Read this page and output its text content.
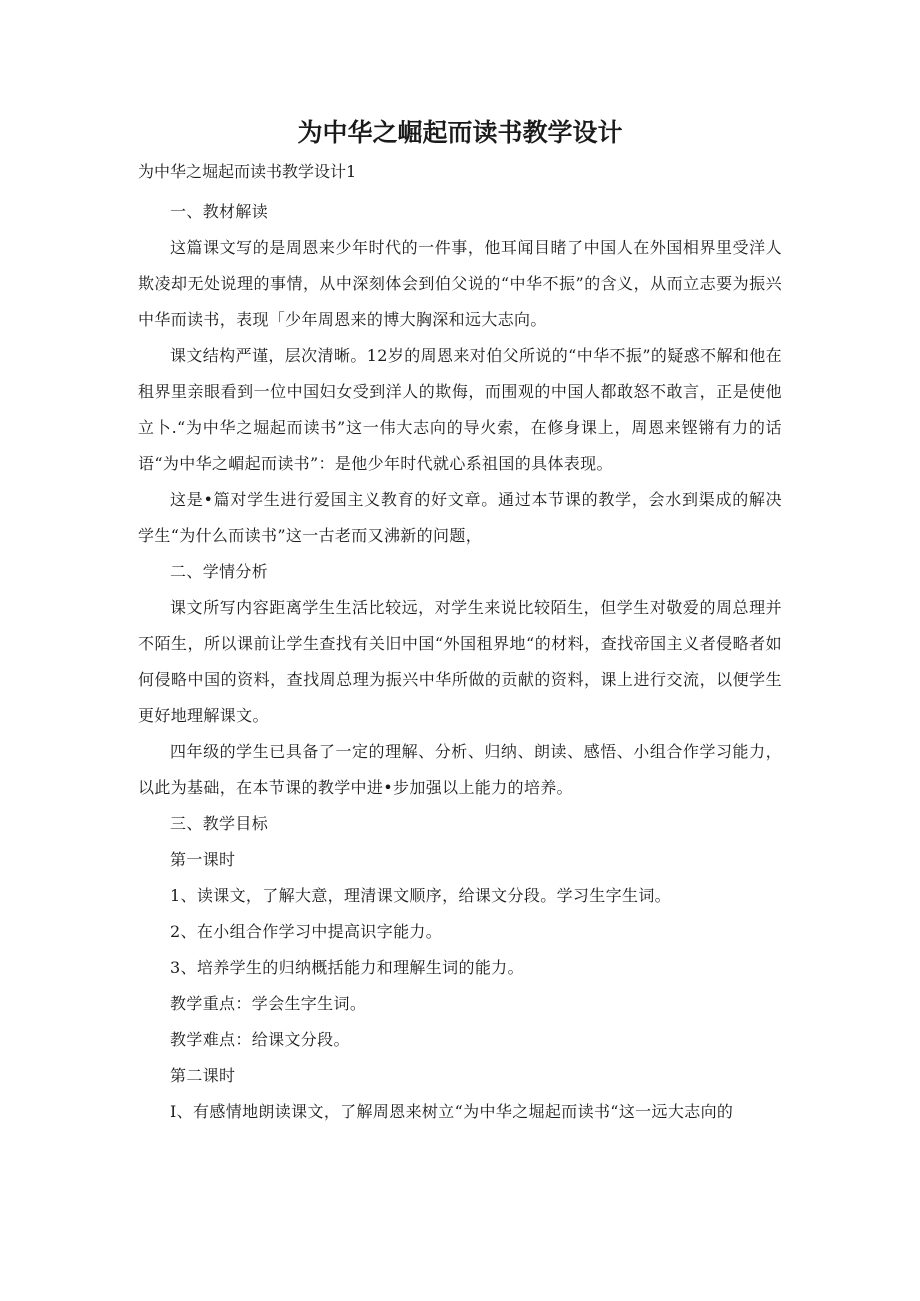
为中华之崛起而读书教学设计
为中华之堀起而读书教学设计1

一、教材解读

这篇课文写的是周恩来少年时代的一件事，他耳闻目睹了中国人在外国相界里受洋人欺凌却无处说理的事情，从中深刻体会到伯父说的“中华不振”的含义，从而立志要为振兴中华而读书，表现「少年周恩来的博大胸深和远大志向。

课文结构严谨，层次清晰。12岁的周恩来对伯父所说的“中华不振”的疑惑不解和他在租界里亲眼看到一位中国妇女受到洋人的欺侮，而围观的中国人都敢怒不敢言，正是使他立卜.“为中华之堀起而读书”这一伟大志向的导火索，在修身课上，周恩来铿锵有力的话语“为中华之嵋起而读书”：是他少年时代就心系祖国的具体表现。

这是•篇对学生进行爱国主义教育的好文章。通过本节课的教学，会水到渠成的解决学生“为什么而读书”这一古老而又沸新的问题，

二、学情分析

课文所写内容距离学生生活比较远，对学生来说比较陌生，但学生对敬爱的周总理并不陌生，所以课前让学生查找有关旧中国“外国租界地“的材料，查找帝国主义者侵略者如何侵略中国的资料，查找周总理为振兴中华所做的贡献的资料，课上进行交流，以便学生更好地理解课文。

四年级的学生已具备了一定的理解、分析、归纳、朗读、感悟、小组合作学习能力，以此为基础，在本节课的教学中进•步加强以上能力的培养。

三、教学目标

第一课时

1、读课文，了解大意，理清课文顺序，给课文分段。学习生字生词。

2、在小组合作学习中提高识字能力。

3、培养学生的归纳概括能力和理解生词的能力。

教学重点：学会生字生词。

教学难点：给课文分段。

第二课时

I、有感情地朗读课文，了解周恩来树立“为中华之堀起而读书“这一远大志向的
